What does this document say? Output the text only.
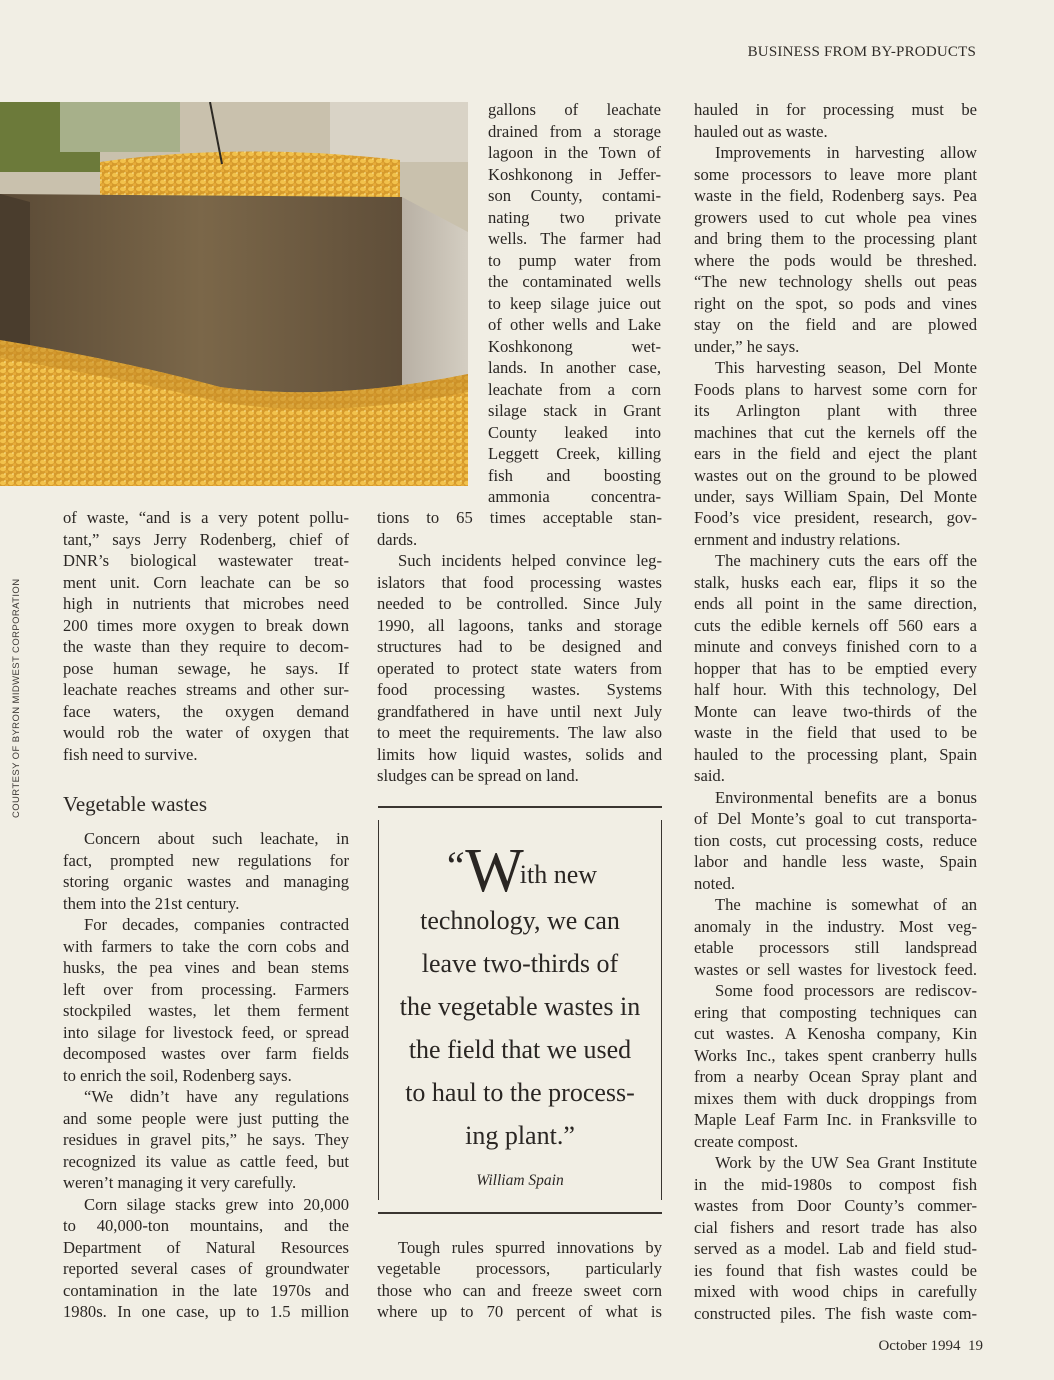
BUSINESS FROM BY-PRODUCTS
COURTESY OF BYRON MIDWEST CORPORATION
of waste, “and is a very potent pollu-
tant,” says Jerry Rodenberg, chief of
DNR’s biological wastewater treat-
ment unit. Corn leachate can be so
high in nutrients that microbes need
200 times more oxygen to break down
the waste than they require to decom-
pose human sewage, he says. If
leachate reaches streams and other sur-
face waters, the oxygen demand
would rob the water of oxygen that
fish need to survive.
Vegetable wastes
Concern about such leachate, in
fact, prompted new regulations for
storing organic wastes and managing
them into the 21st century.
For decades, companies contracted
with farmers to take the corn cobs and
husks, the pea vines and bean stems
left over from processing. Farmers
stockpiled wastes, let them ferment
into silage for livestock feed, or spread
decomposed wastes over farm fields
to enrich the soil, Rodenberg says.
“We didn’t have any regulations
and some people were just putting the
residues in gravel pits,” he says. They
recognized its value as cattle feed, but
weren’t managing it very carefully.
Corn silage stacks grew into 20,000
to 40,000-ton mountains, and the
Department of Natural Resources
reported several cases of groundwater
contamination in the late 1970s and
1980s. In one case, up to 1.5 million
gallons of leachate
drained from a storage
lagoon in the Town of
Koshkonong in Jeffer-
son County, contami-
nating two private
wells. The farmer had
to pump water from
the contaminated wells
to keep silage juice out
of other wells and Lake
Koshkonong wet-
lands. In another case,
leachate from a corn
silage stack in Grant
County leaked into
Leggett Creek, killing
fish and boosting
ammonia concentra-
tions to 65 times acceptable stan-
dards.
Such incidents helped convince leg-
islators that food processing wastes
needed to be controlled. Since July
1990, all lagoons, tanks and storage
structures had to be designed and
operated to protect state waters from
food processing wastes. Systems
grandfathered in have until next July
to meet the requirements. The law also
limits how liquid wastes, solids and
sludges can be spread on land.
“With new
technology, we can
leave two-thirds of
the vegetable wastes in
the field that we used
to haul to the process-
ing plant.”
William Spain
Tough rules spurred innovations by
vegetable processors, particularly
those who can and freeze sweet corn
where up to 70 percent of what is
hauled in for processing must be
hauled out as waste.
Improvements in harvesting allow
some processors to leave more plant
waste in the field, Rodenberg says. Pea
growers used to cut whole pea vines
and bring them to the processing plant
where the pods would be threshed.
“The new technology shells out peas
right on the spot, so pods and vines
stay on the field and are plowed
under,” he says.
This harvesting season, Del Monte
Foods plans to harvest some corn for
its Arlington plant with three
machines that cut the kernels off the
ears in the field and eject the plant
wastes out on the ground to be plowed
under, says William Spain, Del Monte
Food’s vice president, research, gov-
ernment and industry relations.
The machinery cuts the ears off the
stalk, husks each ear, flips it so the
ends all point in the same direction,
cuts the edible kernels off 560 ears a
minute and conveys finished corn to a
hopper that has to be emptied every
half hour. With this technology, Del
Monte can leave two-thirds of the
waste in the field that used to be
hauled to the processing plant, Spain
said.
Environmental benefits are a bonus
of Del Monte’s goal to cut transporta-
tion costs, cut processing costs, reduce
labor and handle less waste, Spain
noted.
The machine is somewhat of an
anomaly in the industry. Most veg-
etable processors still landspread
wastes or sell wastes for livestock feed.
Some food processors are rediscov-
ering that composting techniques can
cut wastes. A Kenosha company, Kin
Works Inc., takes spent cranberry hulls
from a nearby Ocean Spray plant and
mixes them with duck droppings from
Maple Leaf Farm Inc. in Franksville to
create compost.
Work by the UW Sea Grant Institute
in the mid-1980s to compost fish
wastes from Door County’s commer-
cial fishers and resort trade has also
served as a model. Lab and field stud-
ies found that fish wastes could be
mixed with wood chips in carefully
constructed piles. The fish waste com-
October 1994 19
